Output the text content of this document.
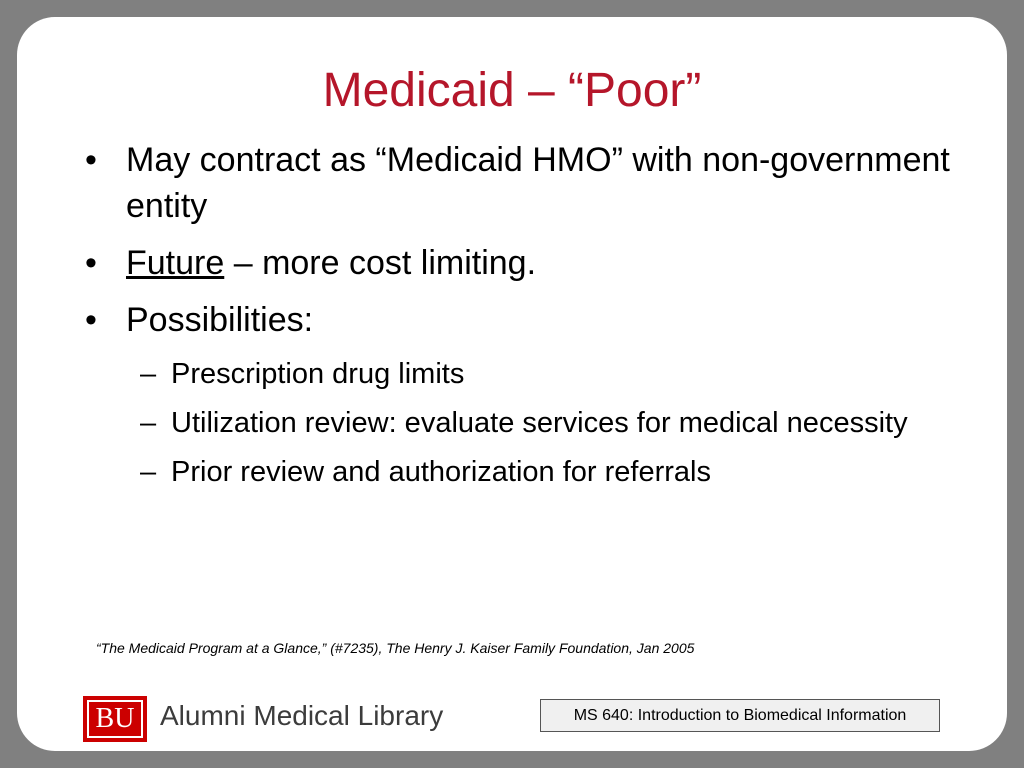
Medicaid – “Poor”
• May contract as “Medicaid HMO” with non-government entity
• Future – more cost limiting.
• Possibilities:
– Prescription drug limits
– Utilization review: evaluate services for medical necessity
– Prior review and authorization for referrals
“The Medicaid Program at a Glance,” (#7235), The Henry J. Kaiser Family Foundation, Jan 2005
BU Alumni Medical Library	MS 640: Introduction to Biomedical Information
